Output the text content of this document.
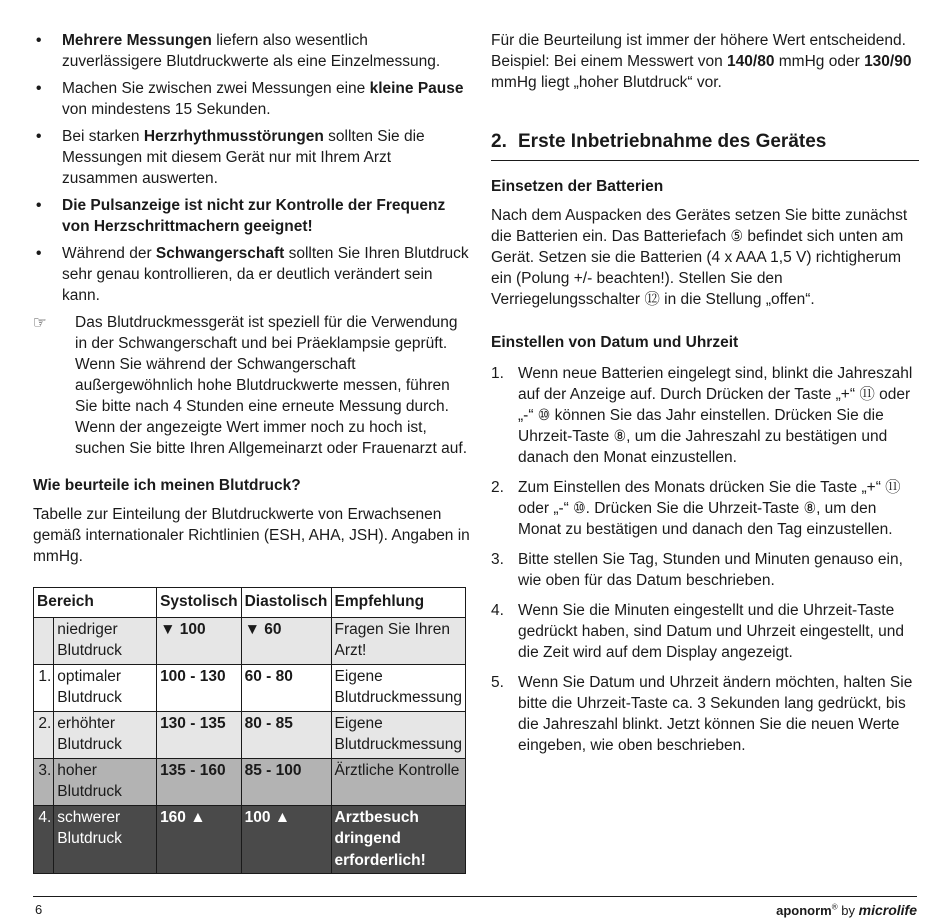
• Mehrere Messungen liefern also wesentlich zuverlässigere Blutdruckwerte als eine Einzelmessung.
• Machen Sie zwischen zwei Messungen eine kleine Pause von mindestens 15 Sekunden.
• Bei starken Herzrhythmusstörungen sollten Sie die Messungen mit diesem Gerät nur mit Ihrem Arzt zusammen auswerten.
• Die Pulsanzeige ist nicht zur Kontrolle der Frequenz von Herzschrittmachern geeignet!
• Während der Schwangerschaft sollten Sie Ihren Blutdruck sehr genau kontrollieren, da er deutlich verändert sein kann.
☞ Das Blutdruckmessgerät ist speziell für die Verwendung in der Schwangerschaft und bei Präeklampsie geprüft. Wenn Sie während der Schwangerschaft außergewöhnlich hohe Blutdruckwerte messen, führen Sie bitte nach 4 Stunden eine erneute Messung durch. Wenn der angezeigte Wert immer noch zu hoch ist, suchen Sie bitte Ihren Allgemeinarzt oder Frauenarzt auf.

Wie beurteile ich meinen Blutdruck?

Tabelle zur Einteilung der Blutdruckwerte von Erwachsenen gemäß internationaler Richtlinien (ESH, AHA, JSH). Angaben in mmHg.

Bereich		Systolisch	Diastolisch	Empfehlung
	niedriger Blutdruck	▼ 100	▼ 60	Fragen Sie Ihren Arzt!
1.	optimaler Blutdruck	100 - 130	60 - 80	Eigene Blutdruckmessung
2.	erhöhter Blutdruck	130 - 135	80 - 85	Eigene Blutdruckmessung
3.	hoher Blutdruck	135 - 160	85 - 100	Ärztliche Kontrolle
4.	schwerer Blutdruck	160 ▲	100 ▲	Arztbesuch dringend erforderlich!

Für die Beurteilung ist immer der höhere Wert entscheidend. Beispiel: Bei einem Messwert von 140/80 mmHg oder 130/90 mmHg liegt „hoher Blutdruck“ vor.

2. Erste Inbetriebnahme des Gerätes

Einsetzen der Batterien

Nach dem Auspacken des Gerätes setzen Sie bitte zunächst die Batterien ein. Das Batteriefach ⑤ befindet sich unten am Gerät. Setzen sie die Batterien (4 x AAA 1,5 V) richtigherum ein (Polung +/- beachten!). Stellen Sie den Verriegelungsschalter ⑫ in die Stellung „offen“.

Einstellen von Datum und Uhrzeit

1. Wenn neue Batterien eingelegt sind, blinkt die Jahreszahl auf der Anzeige auf. Durch Drücken der Taste „+“ ⑪ oder „-“ ⑩ können Sie das Jahr einstellen. Drücken Sie die Uhrzeit-Taste ⑧, um die Jahreszahl zu bestätigen und danach den Monat einzustellen.
2. Zum Einstellen des Monats drücken Sie die Taste „+“ ⑪ oder „-“ ⑩. Drücken Sie die Uhrzeit-Taste ⑧, um den Monat zu bestätigen und danach den Tag einzustellen.
3. Bitte stellen Sie Tag, Stunden und Minuten genauso ein, wie oben für das Datum beschrieben.
4. Wenn Sie die Minuten eingestellt und die Uhrzeit-Taste gedrückt haben, sind Datum und Uhrzeit eingestellt, und die Zeit wird auf dem Display angezeigt.
5. Wenn Sie Datum und Uhrzeit ändern möchten, halten Sie bitte die Uhrzeit-Taste ca. 3 Sekunden lang gedrückt, bis die Jahreszahl blinkt. Jetzt können Sie die neuen Werte eingeben, wie oben beschrieben.
6	aponorm® by microlife
